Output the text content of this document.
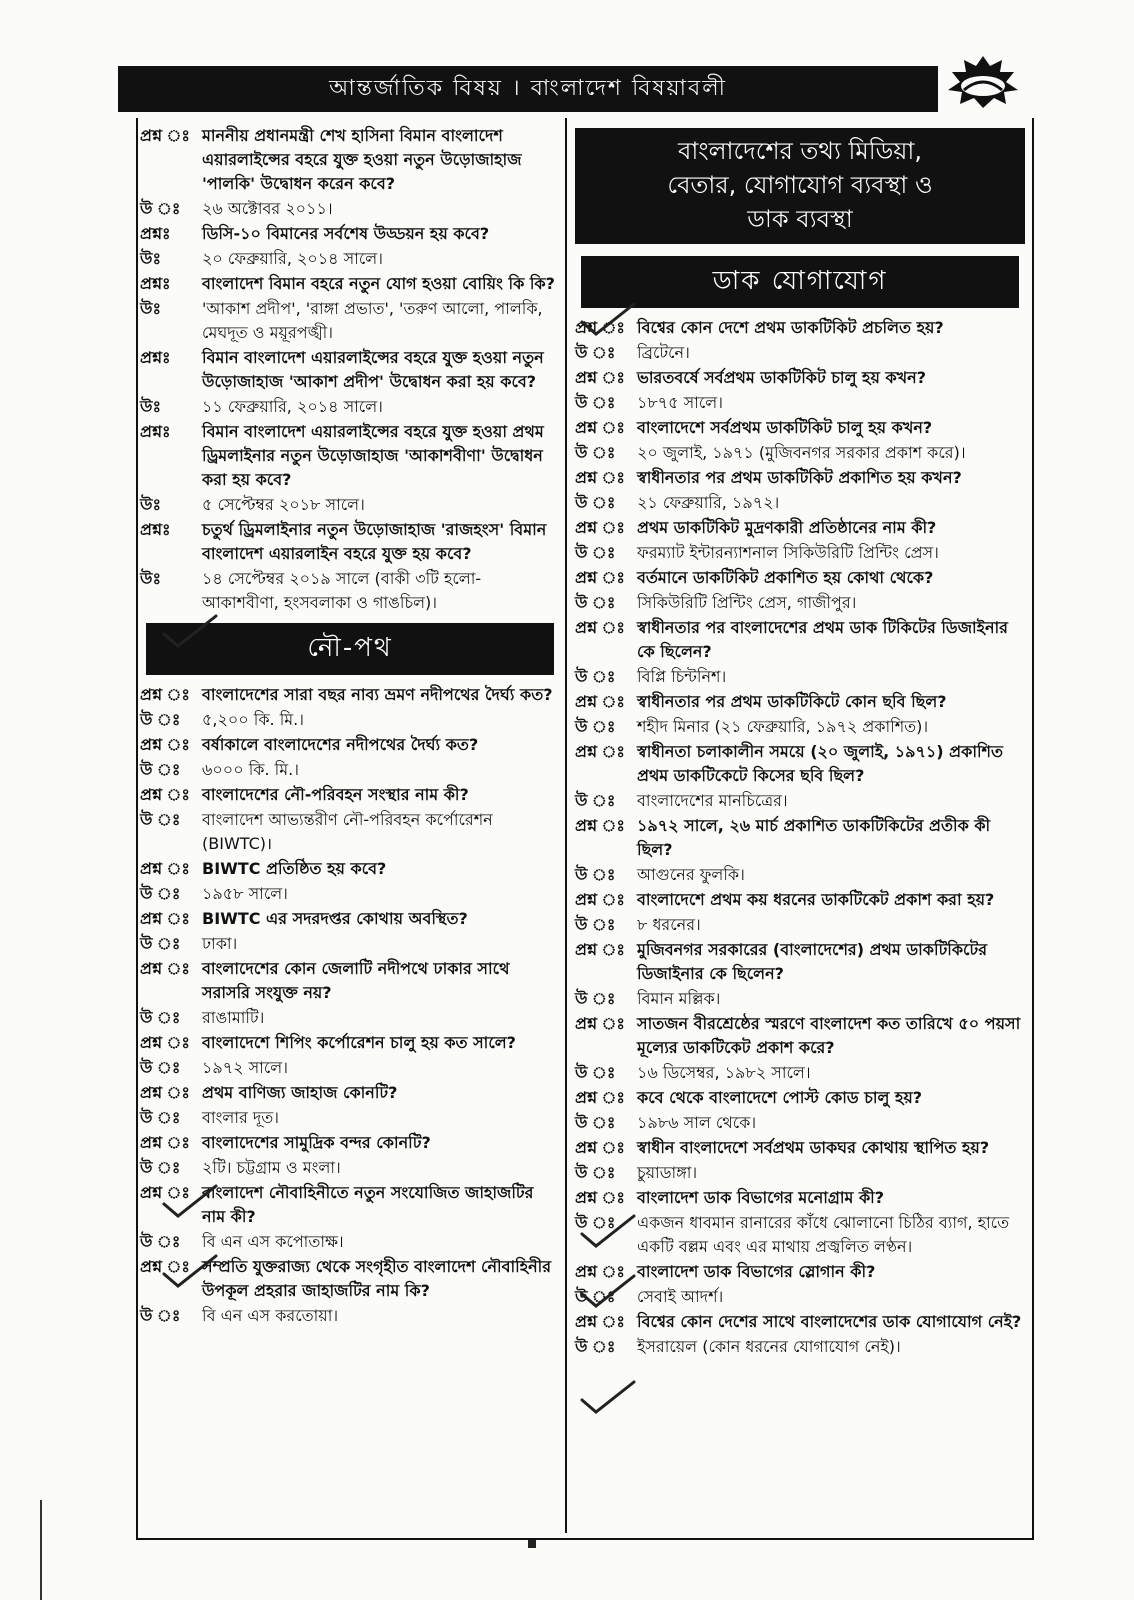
আন্তর্জাতিক বিষয় । বাংলাদেশ বিষয়াবলী
প্রশ্ন ঃ মাননীয় প্রধানমন্ত্রী শেখ হাসিনা বিমান বাংলাদেশ এয়ারলাইন্সের বহরে যুক্ত হওয়া নতুন উড়োজাহাজ 'পালকি' উদ্বোধন করেন কবে?
উ ঃ	২৬ অক্টোবর ২০১১।
প্রশ্নঃ	ডিসি-১০ বিমানের সর্বশেষ উড্ডয়ন হয় কবে?
উঃ	২০ ফেব্রুয়ারি, ২০১৪ সালে।
প্রশ্নঃ	বাংলাদেশ বিমান বহরে নতুন যোগ হওয়া বোয়িং কি কি?
উঃ	'আকাশ প্রদীপ', 'রাঙ্গা প্রভাত', 'তরুণ আলো, পালকি, মেঘদূত ও ময়ূরপঙ্খী।
প্রশ্নঃ	বিমান বাংলাদেশ এয়ারলাইন্সের বহরে যুক্ত হওয়া নতুন উড়োজাহাজ 'আকাশ প্রদীপ' উদ্বোধন করা হয় কবে?
উঃ	১১ ফেব্রুয়ারি, ২০১৪ সালে।
প্রশ্নঃ	বিমান বাংলাদেশ এয়ারলাইন্সের বহরে যুক্ত হওয়া প্রথম ড্রিমলাইনার নতুন উড়োজাহাজ 'আকাশবীণা' উদ্বোধন করা হয় কবে?
উঃ	৫ সেপ্টেম্বর ২০১৮ সালে।
প্রশ্নঃ	চতুর্থ ড্রিমলাইনার নতুন উড়োজাহাজ 'রাজহংস' বিমান বাংলাদেশ এয়ারলাইন বহরে যুক্ত হয় কবে?
উঃ	১৪ সেপ্টেম্বর ২০১৯ সালে (বাকী ৩টি হলো- আকাশবীণা, হংসবলাকা ও গাঙচিল)।
নৌ-পথ
প্রশ্ন ঃ বাংলাদেশের সারা বছর নাব্য ভ্রমণ নদীপথের দৈর্ঘ্য কত?
উ ঃ	৫,২০০ কি. মি.।
প্রশ্ন ঃ বর্ষাকালে বাংলাদেশের নদীপথের দৈর্ঘ্য কত?
উ ঃ	৬০০০ কি. মি.।
প্রশ্ন ঃ বাংলাদেশের নৌ-পরিবহন সংস্থার নাম কী?
উ ঃ	বাংলাদেশ আভ্যন্তরীণ নৌ-পরিবহন কর্পোরেশন (BIWTC)।
প্রশ্ন ঃ BIWTC প্রতিষ্ঠিত হয় কবে?
উ ঃ	১৯৫৮ সালে।
প্রশ্ন ঃ BIWTC এর সদরদপ্তর কোথায় অবস্থিত?
উ ঃ	ঢাকা।
প্রশ্ন ঃ বাংলাদেশের কোন জেলাটি নদীপথে ঢাকার সাথে সরাসরি সংযুক্ত নয়?
উ ঃ	রাঙামাটি।
প্রশ্ন ঃ বাংলাদেশে শিপিং কর্পোরেশন চালু হয় কত সালে?
উ ঃ	১৯৭২ সালে।
প্রশ্ন ঃ প্রথম বাণিজ্য জাহাজ কোনটি?
উ ঃ	বাংলার দূত।
প্রশ্ন ঃ বাংলাদেশের সামুদ্রিক বন্দর কোনটি?
উ ঃ	২টি। চট্টগ্রাম ও মংলা।
প্রশ্ন ঃ বাংলাদেশ নৌবাহিনীতে নতুন সংযোজিত জাহাজটির নাম কী?
উ ঃ	বি এন এস কপোতাক্ষ।
প্রশ্ন ঃ সম্প্রতি যুক্তরাজ্য থেকে সংগৃহীত বাংলাদেশ নৌবাহিনীর উপকূল প্রহরার জাহাজটির নাম কি?
উ ঃ	বি এন এস করতোয়া।
বাংলাদেশের তথ্য মিডিয়া,
বেতার, যোগাযোগ ব্যবস্থা ও
ডাক ব্যবস্থা
ডাক যোগাযোগ
প্রশ্ন ঃ বিশ্বের কোন দেশে প্রথম ডাকটিকিট প্রচলিত হয়?
উ ঃ	ব্রিটেনে।
প্রশ্ন ঃ ভারতবর্ষে সর্বপ্রথম ডাকটিকিট চালু হয় কখন?
উ ঃ	১৮৭৫ সালে।
প্রশ্ন ঃ বাংলাদেশে সর্বপ্রথম ডাকটিকিট চালু হয় কখন?
উ ঃ	২০ জুলাই, ১৯৭১ (মুজিবনগর সরকার প্রকাশ করে)।
প্রশ্ন ঃ স্বাধীনতার পর প্রথম ডাকটিকিট প্রকাশিত হয় কখন?
উ ঃ	২১ ফেব্রুয়ারি, ১৯৭২।
প্রশ্ন ঃ প্রথম ডাকটিকিট মুদ্রণকারী প্রতিষ্ঠানের নাম কী?
উ ঃ	ফরম্যাট ইন্টারন্যাশনাল সিকিউরিটি প্রিন্টিং প্রেস।
প্রশ্ন ঃ বর্তমানে ডাকটিকিট প্রকাশিত হয় কোথা থেকে?
উ ঃ	সিকিউরিটি প্রিন্টিং প্রেস, গাজীপুর।
প্রশ্ন ঃ স্বাধীনতার পর বাংলাদেশের প্রথম ডাক টিকিটের ডিজাইনার কে ছিলেন?
উ ঃ	বিপ্লি চিন্টনিশ।
প্রশ্ন ঃ স্বাধীনতার পর প্রথম ডাকটিকিটে কোন ছবি ছিল?
উ ঃ	শহীদ মিনার (২১ ফেব্রুয়ারি, ১৯৭২ প্রকাশিত)।
প্রশ্ন ঃ স্বাধীনতা চলাকালীন সময়ে (২০ জুলাই, ১৯৭১) প্রকাশিত প্রথম ডাকটিকেটে কিসের ছবি ছিল?
উ ঃ	বাংলাদেশের মানচিত্রের।
প্রশ্ন ঃ ১৯৭২ সালে, ২৬ মার্চ প্রকাশিত ডাকটিকিটের প্রতীক কী ছিল?
উ ঃ	আগুনের ফুলকি।
প্রশ্ন ঃ বাংলাদেশে প্রথম কয় ধরনের ডাকটিকেট প্রকাশ করা হয়?
উ ঃ	৮ ধরনের।
প্রশ্ন ঃ মুজিবনগর সরকারের (বাংলাদেশের) প্রথম ডাকটিকিটের ডিজাইনার কে ছিলেন?
উ ঃ	বিমান মল্লিক।
প্রশ্ন ঃ সাতজন বীরশ্রেষ্ঠের স্মরণে বাংলাদেশ কত তারিখে ৫০ পয়সা মূল্যের ডাকটিকেট প্রকাশ করে?
উ ঃ	১৬ ডিসেম্বর, ১৯৮২ সালে।
প্রশ্ন ঃ কবে থেকে বাংলাদেশে পোস্ট কোড চালু হয়?
উ ঃ	১৯৮৬ সাল থেকে।
প্রশ্ন ঃ স্বাধীন বাংলাদেশে সর্বপ্রথম ডাকঘর কোথায় স্থাপিত হয়?
উ ঃ	চুয়াডাঙ্গা।
প্রশ্ন ঃ বাংলাদেশ ডাক বিভাগের মনোগ্রাম কী?
উ ঃ	একজন ধাবমান রানারের কাঁধে ঝোলানো চিঠির ব্যাগ, হাতে একটি বল্লম এবং এর মাথায় প্রজ্বলিত লণ্ঠন।
প্রশ্ন ঃ বাংলাদেশ ডাক বিভাগের স্লোগান কী?
উ ঃ	সেবাই আদর্শ।
প্রশ্ন ঃ বিশ্বের কোন দেশের সাথে বাংলাদেশের ডাক যোগাযোগ নেই?
উ ঃ	ইসরায়েল (কোন ধরনের যোগাযোগ নেই)।
